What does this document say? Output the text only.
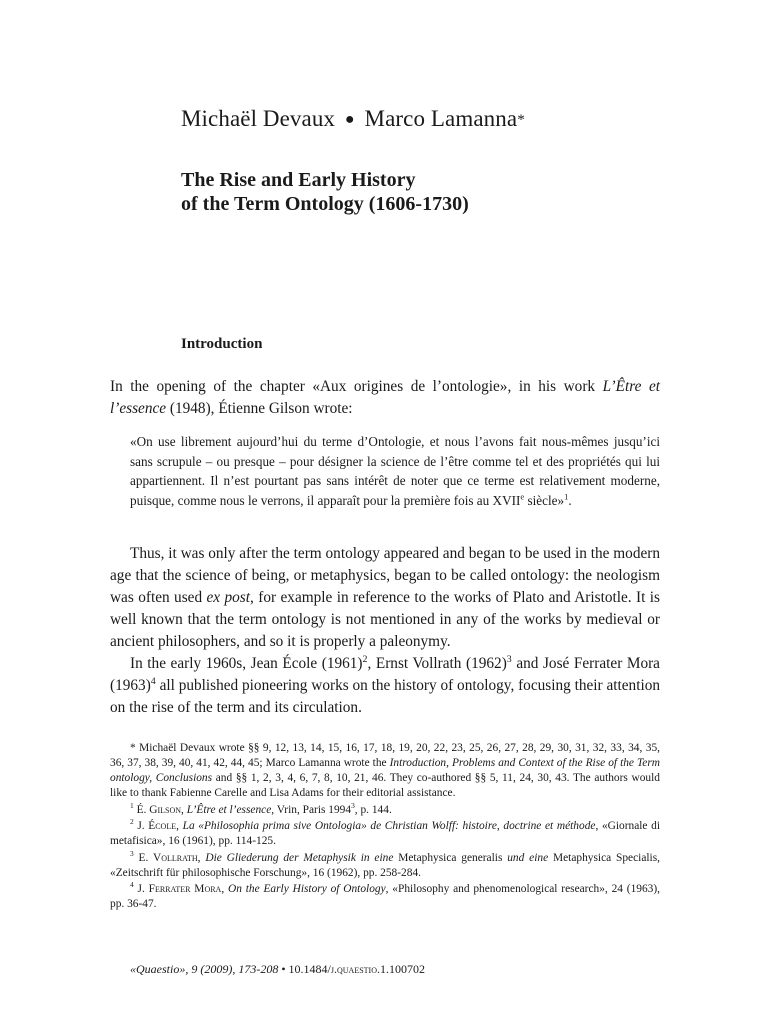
Michaël Devaux ● Marco Lamanna*
The Rise and Early History
of the Term Ontology (1606-1730)
Introduction

In the opening of the chapter «Aux origines de l’ontologie», in his work L’Être et l’essence (1948), Étienne Gilson wrote:

«On use librement aujourd’hui du terme d’Ontologie, et nous l’avons fait nous-mêmes jusqu’ici sans scrupule – ou presque – pour désigner la science de l’être comme tel et des propriétés qui lui appartiennent. Il n’est pourtant pas sans intérêt de noter que ce terme est relativement moderne, puisque, comme nous le verrons, il apparaît pour la première fois au XVIIe siècle»$^1$.

Thus, it was only after the term ontology appeared and began to be used in the modern age that the science of being, or metaphysics, began to be called ontology: the neologism was often used ex post, for example in reference to the works of Plato and Aristotle. It is well known that the term ontology is not mentioned in any of the works by medieval or ancient philosophers, and so it is properly a paleonymy.

In the early 1960s, Jean École $(1961)^2$, Ernst Vollrath $(1962)^3$ and José Ferrater Mora $(1963)^4$ all published pioneering works on the history of ontology, focusing their attention on the rise of the term and its circulation.

* Michaël Devaux wrote §§ 9, 12, 13, 14, 15, 16, 17, 18, 19, 20, 22, 23, 25, 26, 27, 28, 29, 30, 31, 32, 33, 34, 35, 36, 37, 38, 39, 40, 41, 42, 44, 45; Marco Lamanna wrote the Introduction, Problems and Context of the Rise of the Term ontology, Conclusions and §§ 1, 2, 3, 4, 6, 7, 8, 10, 21, 46. They co-authored §§ 5, 11, 24, 30, 43. The authors would like to thank Fabienne Carelle and Lisa Adams for their editorial assistance.

$^1$ É. Gilson, L’Être et l’essence, Vrin, Paris 1994$^3$, p. 144.

$^2$ J. École, La «Philosophia prima sive Ontologia» de Christian Wolff: histoire, doctrine et méthode, «Giornale di metafisica», 16 (1961), pp. 114-125.

$^3$ E. Vollrath, Die Gliederung der Metaphysik in eine Metaphysica generalis und eine Metaphysica Specialis, «Zeitschrift für philosophische Forschung», 16 (1962), pp. 258-284.

$^4$ J. Ferrater Mora, On the Early History of Ontology, «Philosophy and phenomenological research», 24 (1963), pp. 36-47.

«Quaestio», 9 (2009), 173-208 • 10.1484/j.quaestio.1.100702
